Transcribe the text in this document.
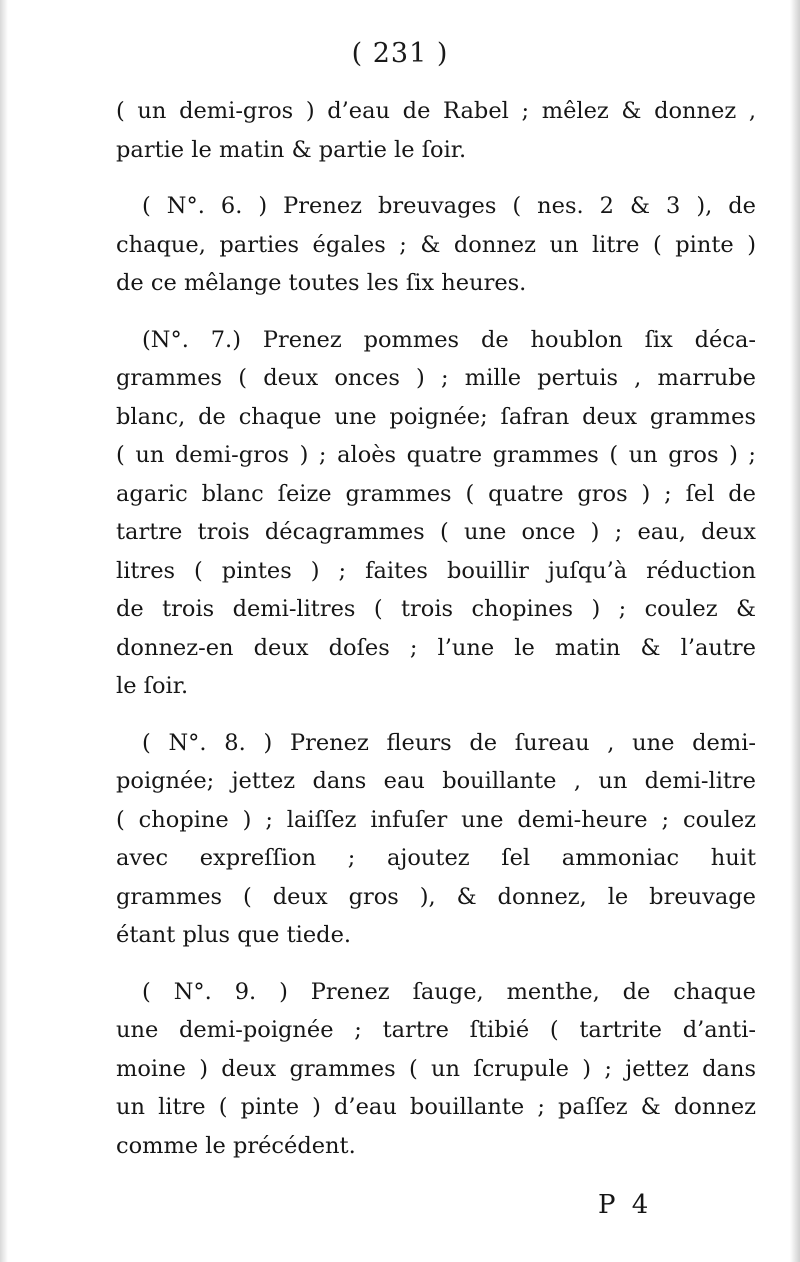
( 231 )
( un demi-gros ) d’eau de Rabel ; mêlez & donnez ,
partie le matin & partie le ſoir.
( N°. 6. ) Prenez breuvages ( nes. 2 & 3 ), de
chaque, parties égales ; & donnez un litre ( pinte )
de ce mêlange toutes les ſix heures.
(N°. 7.) Prenez pommes de houblon ſix déca-
grammes ( deux onces ) ; mille pertuis , marrube
blanc, de chaque une poignée; ſafran deux grammes
( un demi-gros ) ; aloès quatre grammes ( un gros ) ;
agaric blanc ſeize grammes ( quatre gros ) ; ſel de
tartre trois décagrammes ( une once ) ; eau, deux
litres ( pintes ) ; faites bouillir juſqu’à réduction
de trois demi-litres ( trois chopines ) ; coulez &
donnez-en deux doſes ; l’une le matin & l’autre
le ſoir.
( N°. 8. ) Prenez fleurs de ſureau , une demi-
poignée; jettez dans eau bouillante , un demi-litre
( chopine ) ; laiſſez infuſer une demi-heure ; coulez
avec expreſſion ; ajoutez ſel ammoniac huit
grammes ( deux gros ), & donnez, le breuvage
étant plus que tiede.
( N°. 9. ) Prenez ſauge, menthe, de chaque
une demi-poignée ; tartre ſtibié ( tartrite d’anti-
moine ) deux grammes ( un ſcrupule ) ; jettez dans
un litre ( pinte ) d’eau bouillante ; paſſez & donnez
comme le précédent.
P 4
